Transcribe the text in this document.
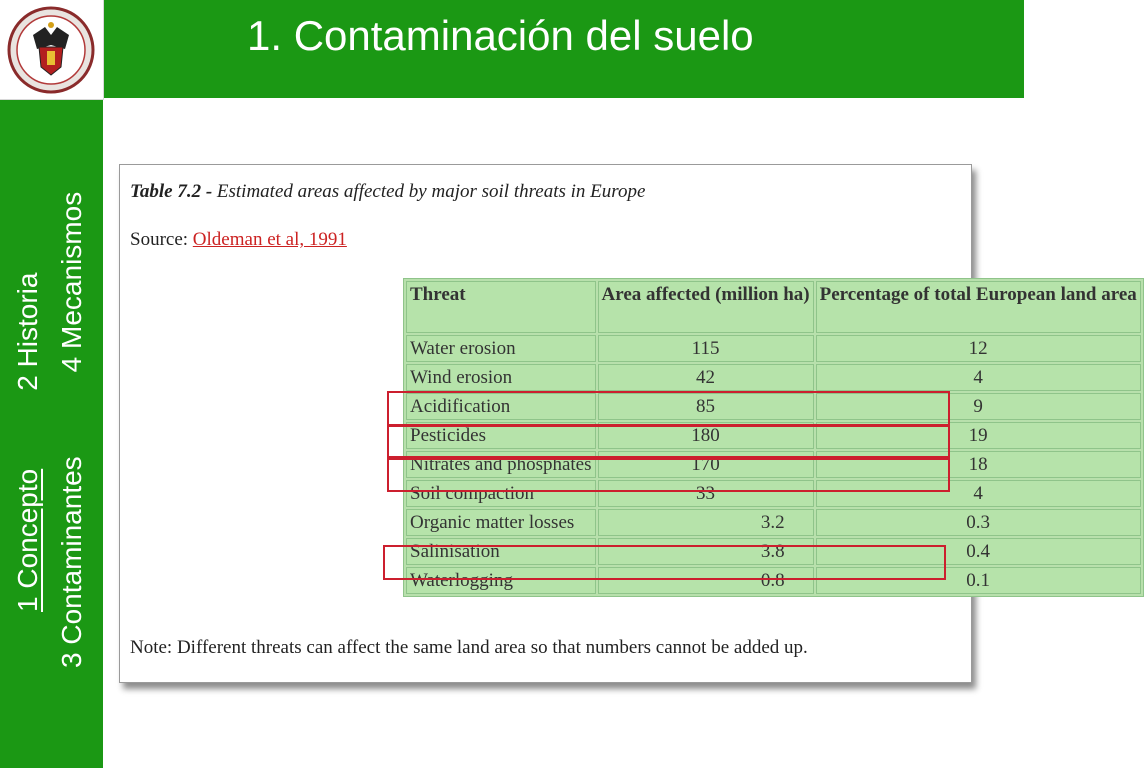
1. Contaminación del suelo
1 Concepto2 Historia
3 Contaminantes4 Mecanismos
Table 7.2 - Estimated areas affected by major soil threats in Europe
Source: Oldeman et al, 1991
Threat	Area affected (million ha)	Percentage of total European land area
Water erosion	115	12
Wind erosion	42	4
Acidification	85	9
Pesticides	180	19
Nitrates and phosphates	170	18
Soil compaction	33	4
Organic matter losses	3.2	0.3
Salinisation	3.8	0.4
Waterlogging	0.8	0.1
Note: Different threats can affect the same land area so that numbers cannot be added up.
